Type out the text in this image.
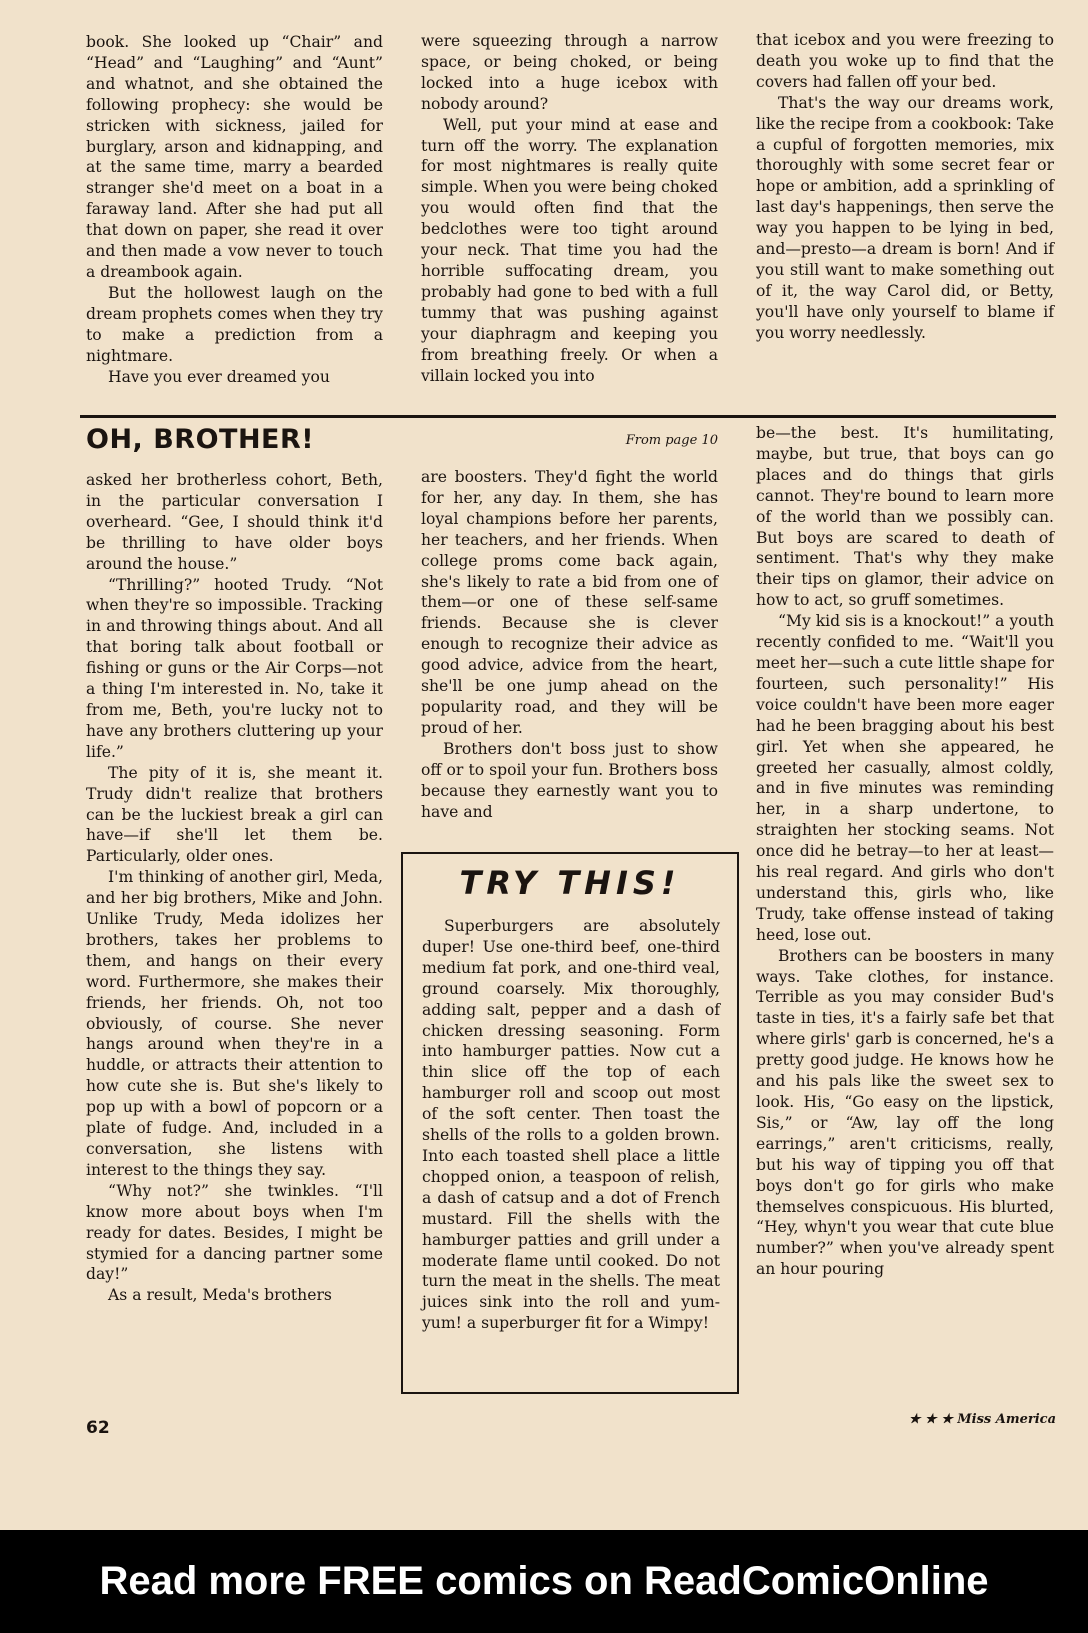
book. She looked up “Chair” and “Head” and “Laughing” and “Aunt” and whatnot, and she obtained the following prophecy: she would be stricken with sickness, jailed for burglary, arson and kidnapping, and at the same time, marry a bearded stranger she'd meet on a boat in a faraway land. After she had put all that down on paper, she read it over and then made a vow never to touch a dreambook again.

But the hollowest laugh on the dream prophets comes when they try to make a prediction from a nightmare.

Have you ever dreamed you

were squeezing through a narrow space, or being choked, or being locked into a huge icebox with nobody around?

Well, put your mind at ease and turn off the worry. The explanation for most nightmares is really quite simple. When you were being choked you would often find that the bedclothes were too tight around your neck. That time you had the horrible suffocating dream, you probably had gone to bed with a full tummy that was pushing against your diaphragm and keeping you from breathing freely. Or when a villain locked you into

that icebox and you were freezing to death you woke up to find that the covers had fallen off your bed.

That's the way our dreams work, like the recipe from a cookbook: Take a cupful of forgotten memories, mix thoroughly with some secret fear or hope or ambition, add a sprinkling of last day's happenings, then serve the way you happen to be lying in bed, and—presto—a dream is born! And if you still want to make something out of it, the way Carol did, or Betty, you'll have only yourself to blame if you worry needlessly.

OH, BROTHER!	From page 10

asked her brotherless cohort, Beth, in the particular conversation I overheard. “Gee, I should think it'd be thrilling to have older boys around the house.”

“Thrilling?” hooted Trudy. “Not when they're so impossible. Tracking in and throwing things about. And all that boring talk about football or fishing or guns or the Air Corps—not a thing I'm interested in. No, take it from me, Beth, you're lucky not to have any brothers cluttering up your life.”

The pity of it is, she meant it. Trudy didn't realize that brothers can be the luckiest break a girl can have—if she'll let them be. Particularly, older ones.

I'm thinking of another girl, Meda, and her big brothers, Mike and John. Unlike Trudy, Meda idolizes her brothers, takes her problems to them, and hangs on their every word. Furthermore, she makes their friends, her friends. Oh, not too obviously, of course. She never hangs around when they're in a huddle, or attracts their attention to how cute she is. But she's likely to pop up with a bowl of popcorn or a plate of fudge. And, included in a conversation, she listens with interest to the things they say.

“Why not?” she twinkles. “I'll know more about boys when I'm ready for dates. Besides, I might be stymied for a dancing partner some day!”

As a result, Meda's brothers

are boosters. They'd fight the world for her, any day. In them, she has loyal champions before her parents, her teachers, and her friends. When college proms come back again, she's likely to rate a bid from one of them—or one of these self-same friends. Because she is clever enough to recognize their advice as good advice, advice from the heart, she'll be one jump ahead on the popularity road, and they will be proud of her.

Brothers don't boss just to show off or to spoil your fun. Brothers boss because they earnestly want you to have and

be—the best. It's humilitating, maybe, but true, that boys can go places and do things that girls cannot. They're bound to learn more of the world than we possibly can. But boys are scared to death of sentiment. That's why they make their tips on glamor, their advice on how to act, so gruff sometimes.

“My kid sis is a knockout!” a youth recently confided to me. “Wait'll you meet her—such a cute little shape for fourteen, such personality!” His voice couldn't have been more eager had he been bragging about his best girl. Yet when she appeared, he greeted her casually, almost coldly, and in five minutes was reminding her, in a sharp undertone, to straighten her stocking seams. Not once did he betray—to her at least—his real regard. And girls who don't understand this, girls who, like Trudy, take offense instead of taking heed, lose out.

Brothers can be boosters in many ways. Take clothes, for instance. Terrible as you may consider Bud's taste in ties, it's a fairly safe bet that where girls' garb is concerned, he's a pretty good judge. He knows how he and his pals like the sweet sex to look. His, “Go easy on the lipstick, Sis,” or “Aw, lay off the long earrings,” aren't criticisms, really, but his way of tipping you off that boys don't go for girls who make themselves conspicuous. His blurted, “Hey, whyn't you wear that cute blue number?” when you've already spent an hour pouring

TRY THIS!

Superburgers are absolutely duper! Use one-third beef, one-third medium fat pork, and one-third veal, ground coarsely. Mix thoroughly, adding salt, pepper and a dash of chicken dressing seasoning. Form into hamburger patties. Now cut a thin slice off the top of each hamburger roll and scoop out most of the soft center. Then toast the shells of the rolls to a golden brown. Into each toasted shell place a little chopped onion, a teaspoon of relish, a dash of catsup and a dot of French mustard. Fill the shells with the hamburger patties and grill under a moderate flame until cooked. Do not turn the meat in the shells. The meat juices sink into the roll and yum-yum! a superburger fit for a Wimpy!

62	★ ★ ★ Miss America
Read more FREE comics on ReadComicOnline
